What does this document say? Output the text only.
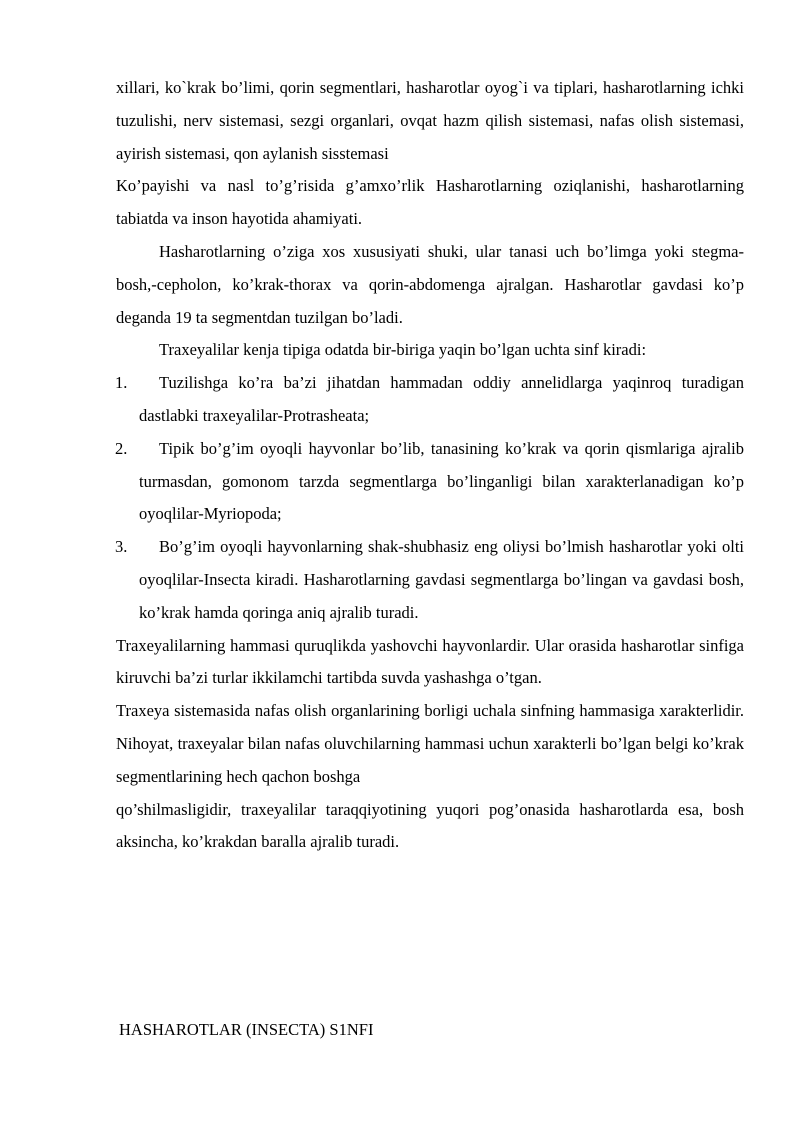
xillari, ko`krak bo’limi, qorin segmentlari, hasharotlar oyog`i va tiplari, hasharotlarning ichki tuzulishi, nerv sistemasi, sezgi organlari, ovqat hazm qilish sistemasi, nafas olish sistemasi, ayirish sistemasi, qon aylanish sisstemasi

Ko’payishi va nasl to’g’risida g’amxo’rlik Hasharotlarning oziqlanishi, hasharotlarning tabiatda va inson hayotida ahamiyati.

Hasharotlarning o’ziga xos xususiyati shuki, ular tanasi uch bo’limga yoki stegma-bosh,-cepholon, ko’krak-thorax va qorin-abdomenga ajralgan. Hasharotlar gavdasi ko’p deganda 19 ta segmentdan tuzilgan bo’ladi.

Traxeyalilar kenja tipiga odatda bir-biriga yaqin bo’lgan uchta sinf kiradi:

1.	Tuzilishga ko’ra ba’zi jihatdan hammadan oddiy annelidlarga yaqinroq turadigan dastlabki traxeyalilar-Protrasheata;
2.	Tipik bo’g’im oyoqli hayvonlar bo’lib, tanasining ko’krak va qorin qismlariga ajralib turmasdan, gomonom tarzda segmentlarga bo’linganligi bilan xarakterlanadigan ko’p oyoqlilar-Myriopoda;
3.	Bo’g’im oyoqli hayvonlarning shak-shubhasiz eng oliysi bo’lmish hasharotlar yoki olti oyoqlilar-Insecta kiradi. Hasharotlarning gavdasi segmentlarga bo’lingan va gavdasi bosh, ko’krak hamda qoringa aniq ajralib turadi.

Traxeyalilarning hammasi quruqlikda yashovchi hayvonlardir. Ular orasida hasharotlar sinfiga kiruvchi ba’zi turlar ikkilamchi tartibda suvda yashashga o’tgan.

Traxeya sistemasida nafas olish organlarining borligi uchala sinfning hammasiga xarakterlidir. Nihoyat, traxeyalar bilan nafas oluvchilarning hammasi uchun xarakterli bo’lgan belgi ko’krak segmentlarining hech qachon boshga

qo’shilmasligidir, traxeyalilar taraqqiyotining yuqori pog’onasida hasharotlarda esa, bosh aksincha, ko’krakdan baralla ajralib turadi.

HASHAROTLAR (INSECTA) S1NFI
